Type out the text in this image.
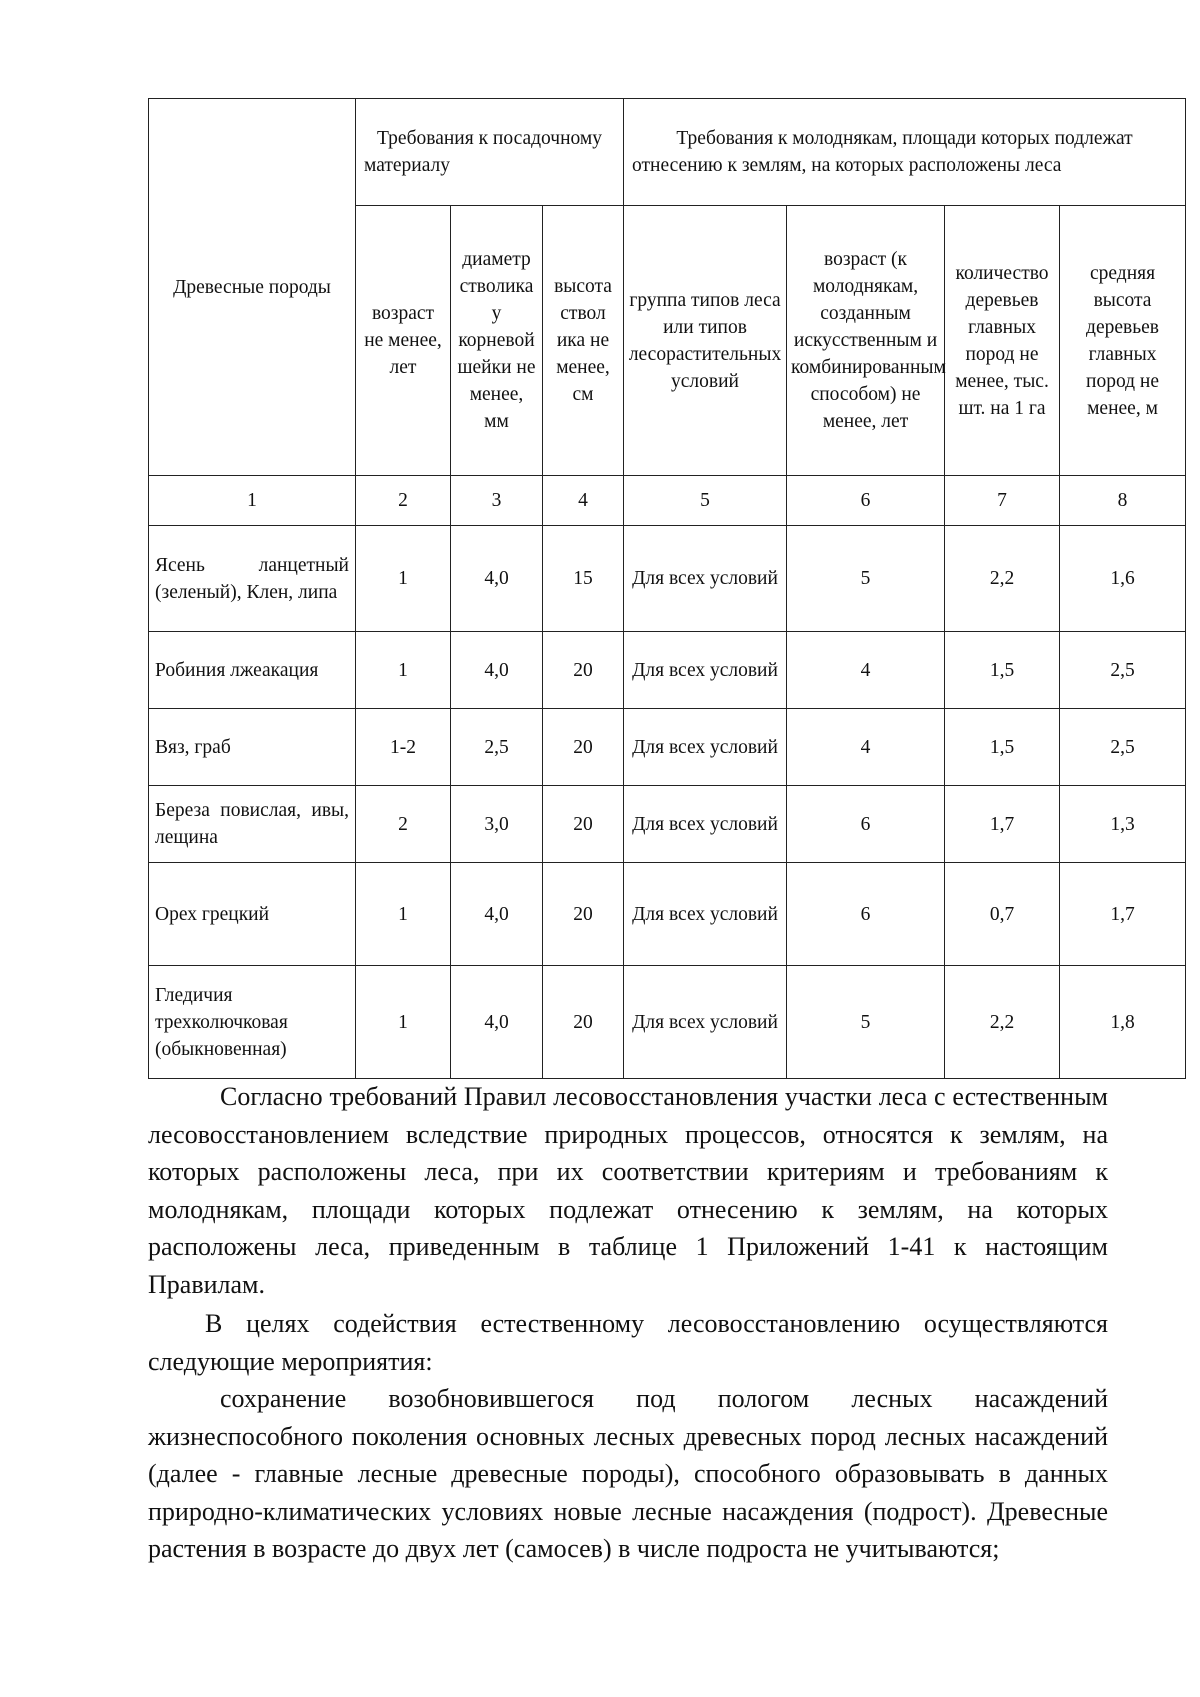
Древесные породы	Требования к посадочному материалу			Требования к молоднякам, площади которых подлежат отнесению к землям, на которых расположены леса			
	возраст не менее, лет	диаметр стволика у корневой шейки не менее, мм	высота ствол ика не менее, см	группа типов леса или типов лесорастительных условий	возраст (к молоднякам, созданным искусственным и комбинированным способом) не менее, лет	количество деревьев главных пород не менее, тыс. шт. на 1 га	средняя высота деревьев главных пород не менее, м
1	2	3	4	5	6	7	8
Ясень ланцетный (зеленый), Клен, липа	1	4,0	15	Для всех условий	5	2,2	1,6
Робиния лжеакация	1	4,0	20	Для всех условий	4	1,5	2,5
Вяз, граб	1-2	2,5	20	Для всех условий	4	1,5	2,5
Береза повислая, ивы, лещина	2	3,0	20	Для всех условий	6	1,7	1,3
Орех грецкий	1	4,0	20	Для всех условий	6	0,7	1,7
Гледичия трехколючковая (обыкновенная)	1	4,0	20	Для всех условий	5	2,2	1,8

Согласно требований Правил лесовосстановления участки леса с естественным лесовосстановлением вследствие природных процессов, относятся к землям, на которых расположены леса, при их соответствии критериям и требованиям к молоднякам, площади которых подлежат отнесению к землям, на которых расположены леса, приведенным в таблице 1 Приложений 1-41 к настоящим Правилам.

В целях содействия естественному лесовосстановлению осуществляются следующие мероприятия:

сохранение возобновившегося под пологом лесных насаждений жизнеспособного поколения основных лесных древесных пород лесных насаждений (далее - главные лесные древесные породы), способного образовывать в данных природно-климатических условиях новые лесные насаждения (подрост). Древесные растения в возрасте до двух лет (самосев) в числе подроста не учитываются;
